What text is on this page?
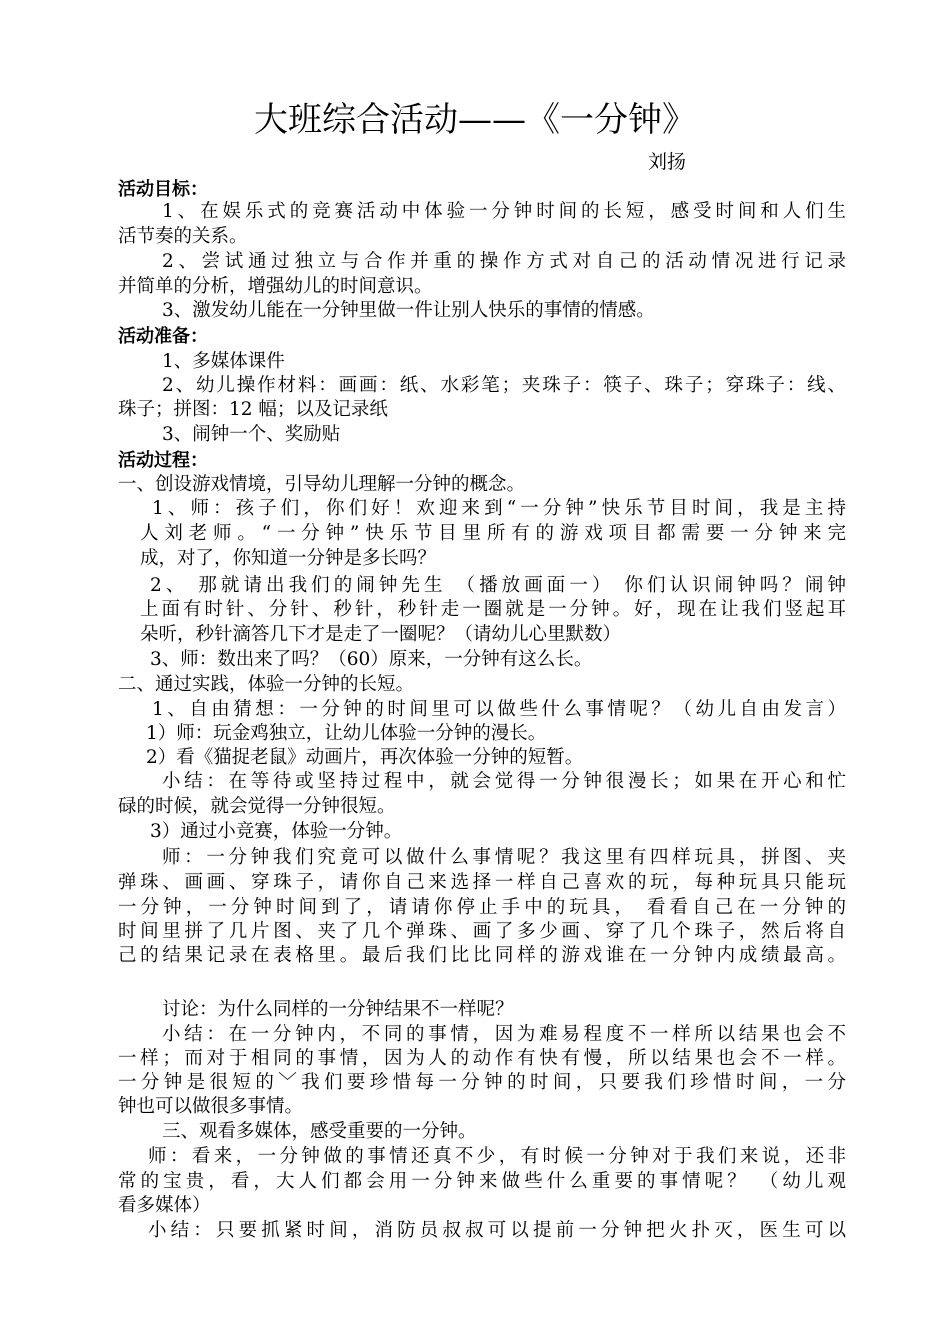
大班综合活动——《一分钟》
刘扬
活动目标：
1、在娱乐式的竞赛活动中体验一分钟时间的长短，感受时间和人们生
活节奏的关系。
2、尝试通过独立与合作并重的操作方式对自己的活动情况进行记录
并简单的分析，增强幼儿的时间意识。
3、激发幼儿能在一分钟里做一件让别人快乐的事情的情感。
活动准备：
1、多媒体课件
2、幼儿操作材料：画画：纸、水彩笔；夹珠子：筷子、珠子；穿珠子：线、
珠子；拼图：12 幅；以及记录纸
3、闹钟一个、奖励贴
活动过程：
一、创设游戏情境，引导幼儿理解一分钟的概念。
1、师：孩子们，你们好！欢迎来到“一分钟”快乐节目时间，我是主持
人刘老师。“一分钟”快乐节目里所有的游戏项目都需要一分钟来完
成，对了，你知道一分钟是多长吗？
2、 那就请出我们的闹钟先生 （播放画面一） 你们认识闹钟吗？闹钟
上面有时针、分针、秒针，秒针走一圈就是一分钟。好，现在让我们竖起耳
朵听，秒针滴答几下才是走了一圈呢？（请幼儿心里默数）
3、师：数出来了吗？（60）原来，一分钟有这么长。
二、通过实践，体验一分钟的长短。
1、自由猜想：一分钟的时间里可以做些什么事情呢？（幼儿自由发言）
1）师：玩金鸡独立，让幼儿体验一分钟的漫长。
2）看《猫捉老鼠》动画片，再次体验一分钟的短暂。
小结：在等待或坚持过程中，就会觉得一分钟很漫长；如果在开心和忙
碌的时候，就会觉得一分钟很短。
3）通过小竞赛，体验一分钟。
师：一分钟我们究竟可以做什么事情呢？我这里有四样玩具，拼图、夹
弹珠、画画、穿珠子，请你自己来选择一样自己喜欢的玩，每种玩具只能玩
一分钟，一分钟时间到了，请请你停止手中的玩具， 看看自己在一分钟的
时间里拼了几片图、夹了几个弹珠、画了多少画、穿了几个珠子，然后将自
己的结果记录在表格里。最后我们比比同样的游戏谁在一分钟内成绩最高。
讨论：为什么同样的一分钟结果不一样呢？
小结：在一分钟内，不同的事情，因为难易程度不一样所以结果也会不
一样；而对于相同的事情，因为人的动作有快有慢，所以结果也会不一样。
一分钟是很短的﹀我们要珍惜每一分钟的时间，只要我们珍惜时间，一分
钟也可以做很多事情。
三、观看多媒体，感受重要的一分钟。
师：看来，一分钟做的事情还真不少，有时候一分钟对于我们来说，还非
常的宝贵，看，大人们都会用一分钟来做些什么重要的事情呢？ （幼儿观
看多媒体）
小结：只要抓紧时间，消防员叔叔可以提前一分钟把火扑灭，医生可以
